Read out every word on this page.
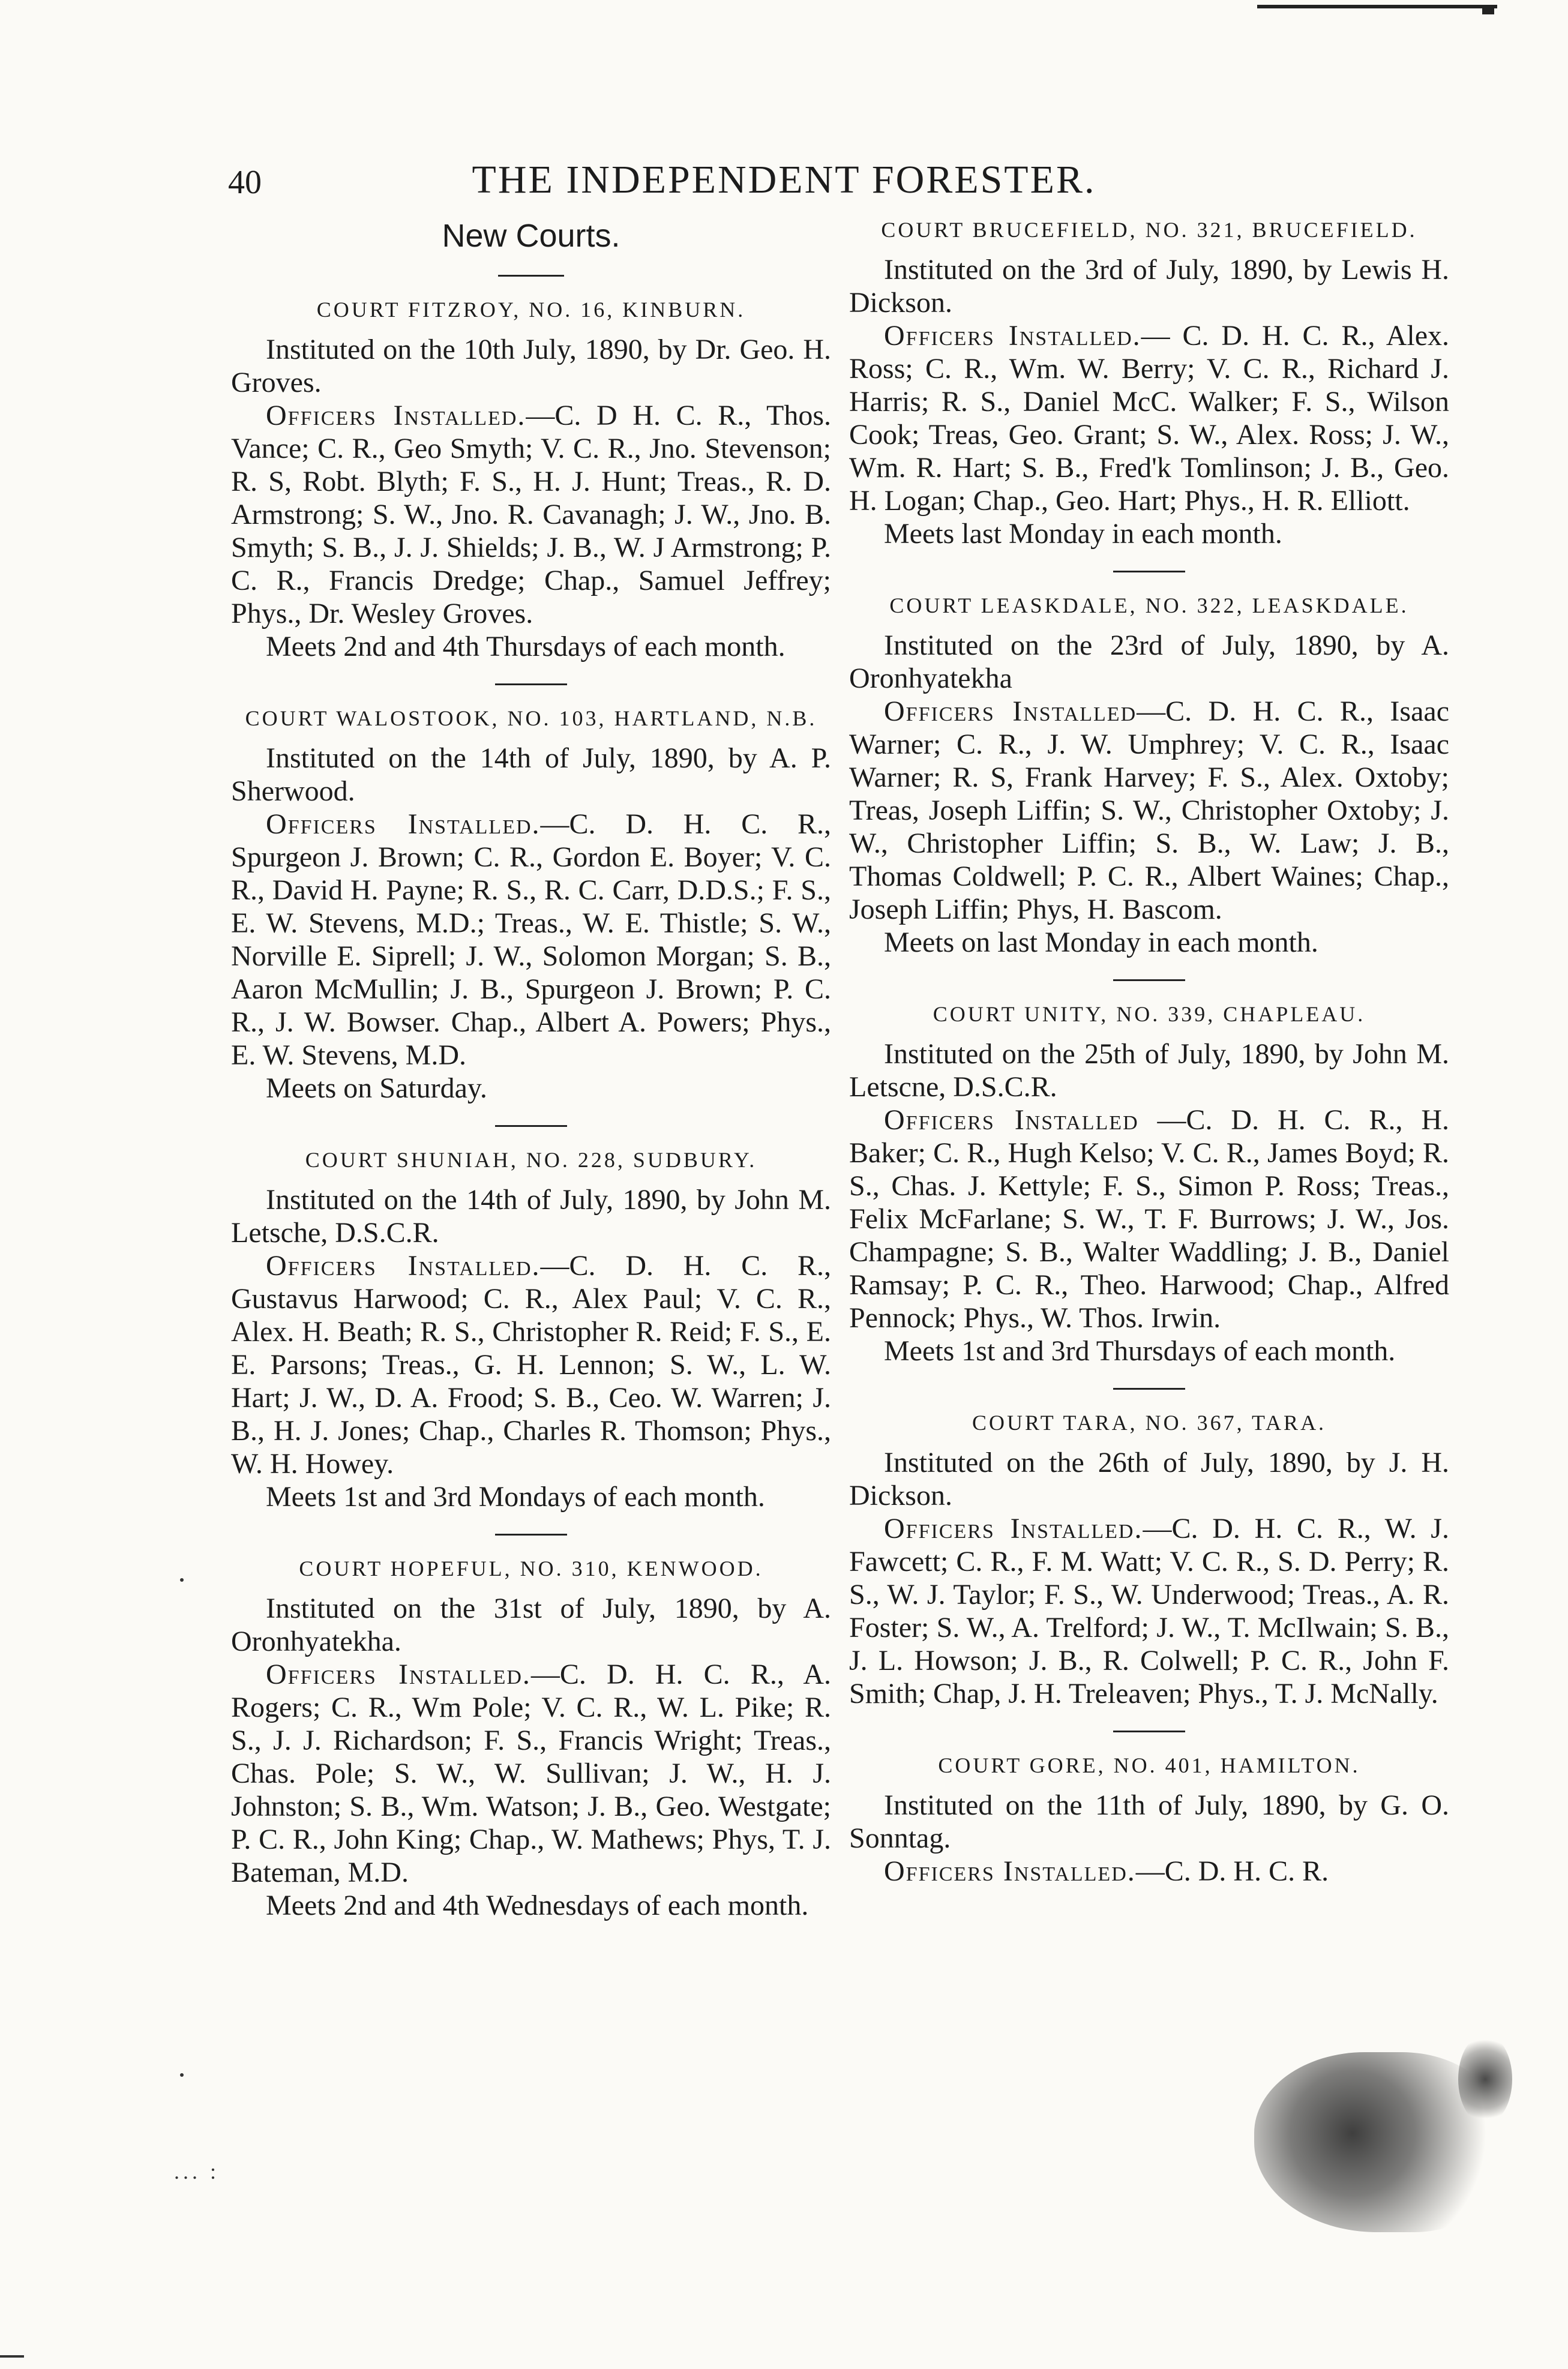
40	THE INDEPENDENT FORESTER.
New Courts.
COURT FITZROY, NO. 16, KINBURN.

Instituted on the 10th July, 1890, by Dr. Geo. H. Groves.

Officers Installed.—C. D H. C. R., Thos. Vance; C. R., Geo Smyth; V. C. R., Jno. Stevenson; R. S, Robt. Blyth; F. S., H. J. Hunt; Treas., R. D. Armstrong; S. W., Jno. R. Cavanagh; J. W., Jno. B. Smyth; S. B., J. J. Shields; J. B., W. J Armstrong; P. C. R., Francis Dredge; Chap., Samuel Jeffrey; Phys., Dr. Wesley Groves.

Meets 2nd and 4th Thursdays of each month.

COURT WALOSTOOK, NO. 103, HARTLAND, N.B.

Instituted on the 14th of July, 1890, by A. P. Sherwood.

Officers Installed.—C. D. H. C. R., Spurgeon J. Brown; C. R., Gordon E. Boyer; V. C. R., David H. Payne; R. S., R. C. Carr, D.D.S.; F. S., E. W. Stevens, M.D.; Treas., W. E. Thistle; S. W., Norville E. Siprell; J. W., Solomon Morgan; S. B., Aaron McMullin; J. B., Spurgeon J. Brown; P. C. R., J. W. Bowser. Chap., Albert A. Powers; Phys., E. W. Stevens, M.D.

Meets on Saturday.

COURT SHUNIAH, NO. 228, SUDBURY.

Instituted on the 14th of July, 1890, by John M. Letsche, D.S.C.R.

Officers Installed.—C. D. H. C. R., Gustavus Harwood; C. R., Alex Paul; V. C. R., Alex. H. Beath; R. S., Christopher R. Reid; F. S., E. E. Parsons; Treas., G. H. Lennon; S. W., L. W. Hart; J. W., D. A. Frood; S. B., Ceo. W. Warren; J. B., H. J. Jones; Chap., Charles R. Thomson; Phys., W. H. Howey.

Meets 1st and 3rd Mondays of each month.

COURT HOPEFUL, NO. 310, KENWOOD.

Instituted on the 31st of July, 1890, by A. Oronhyatekha.

Officers Installed.—C. D. H. C. R., A. Rogers; C. R., Wm Pole; V. C. R., W. L. Pike; R. S., J. J. Richardson; F. S., Francis Wright; Treas., Chas. Pole; S. W., W. Sullivan; J. W., H. J. Johnston; S. B., Wm. Watson; J. B., Geo. Westgate; P. C. R., John King; Chap., W. Mathews; Phys, T. J. Bateman, M.D.

Meets 2nd and 4th Wednesdays of each month.

COURT BRUCEFIELD, NO. 321, BRUCEFIELD.

Instituted on the 3rd of July, 1890, by Lewis H. Dickson.

Officers Installed.— C. D. H. C. R., Alex. Ross; C. R., Wm. W. Berry; V. C. R., Richard J. Harris; R. S., Daniel McC. Walker; F. S., Wilson Cook; Treas, Geo. Grant; S. W., Alex. Ross; J. W., Wm. R. Hart; S. B., Fred'k Tomlinson; J. B., Geo. H. Logan; Chap., Geo. Hart; Phys., H. R. Elliott.

Meets last Monday in each month.

COURT LEASKDALE, NO. 322, LEASKDALE.

Instituted on the 23rd of July, 1890, by A. Oronhyatekha

Officers Installed—C. D. H. C. R., Isaac Warner; C. R., J. W. Umphrey; V. C. R., Isaac Warner; R. S, Frank Harvey; F. S., Alex. Oxtoby; Treas, Joseph Liffin; S. W., Christopher Oxtoby; J. W., Christopher Liffin; S. B., W. Law; J. B., Thomas Coldwell; P. C. R., Albert Waines; Chap., Joseph Liffin; Phys, H. Bascom.

Meets on last Monday in each month.

COURT UNITY, NO. 339, CHAPLEAU.

Instituted on the 25th of July, 1890, by John M. Letscne, D.S.C.R.

Officers Installed —C. D. H. C. R., H. Baker; C. R., Hugh Kelso; V. C. R., James Boyd; R. S., Chas. J. Kettyle; F. S., Simon P. Ross; Treas., Felix McFarlane; S. W., T. F. Burrows; J. W., Jos. Champagne; S. B., Walter Waddling; J. B., Daniel Ramsay; P. C. R., Theo. Harwood; Chap., Alfred Pennock; Phys., W. Thos. Irwin.

Meets 1st and 3rd Thursdays of each month.

COURT TARA, NO. 367, TARA.

Instituted on the 26th of July, 1890, by J. H. Dickson.

Officers Installed.—C. D. H. C. R., W. J. Fawcett; C. R., F. M. Watt; V. C. R., S. D. Perry; R. S., W. J. Taylor; F. S., W. Underwood; Treas., A. R. Foster; S. W., A. Trelford; J. W., T. McIlwain; S. B., J. L. Howson; J. B., R. Colwell; P. C. R., John F. Smith; Chap, J. H. Treleaven; Phys., T. J. McNally.

COURT GORE, NO. 401, HAMILTON.

Instituted on the 11th of July, 1890, by G. O. Sonntag.

Officers Installed.—C. D. H. C. R.

... :
